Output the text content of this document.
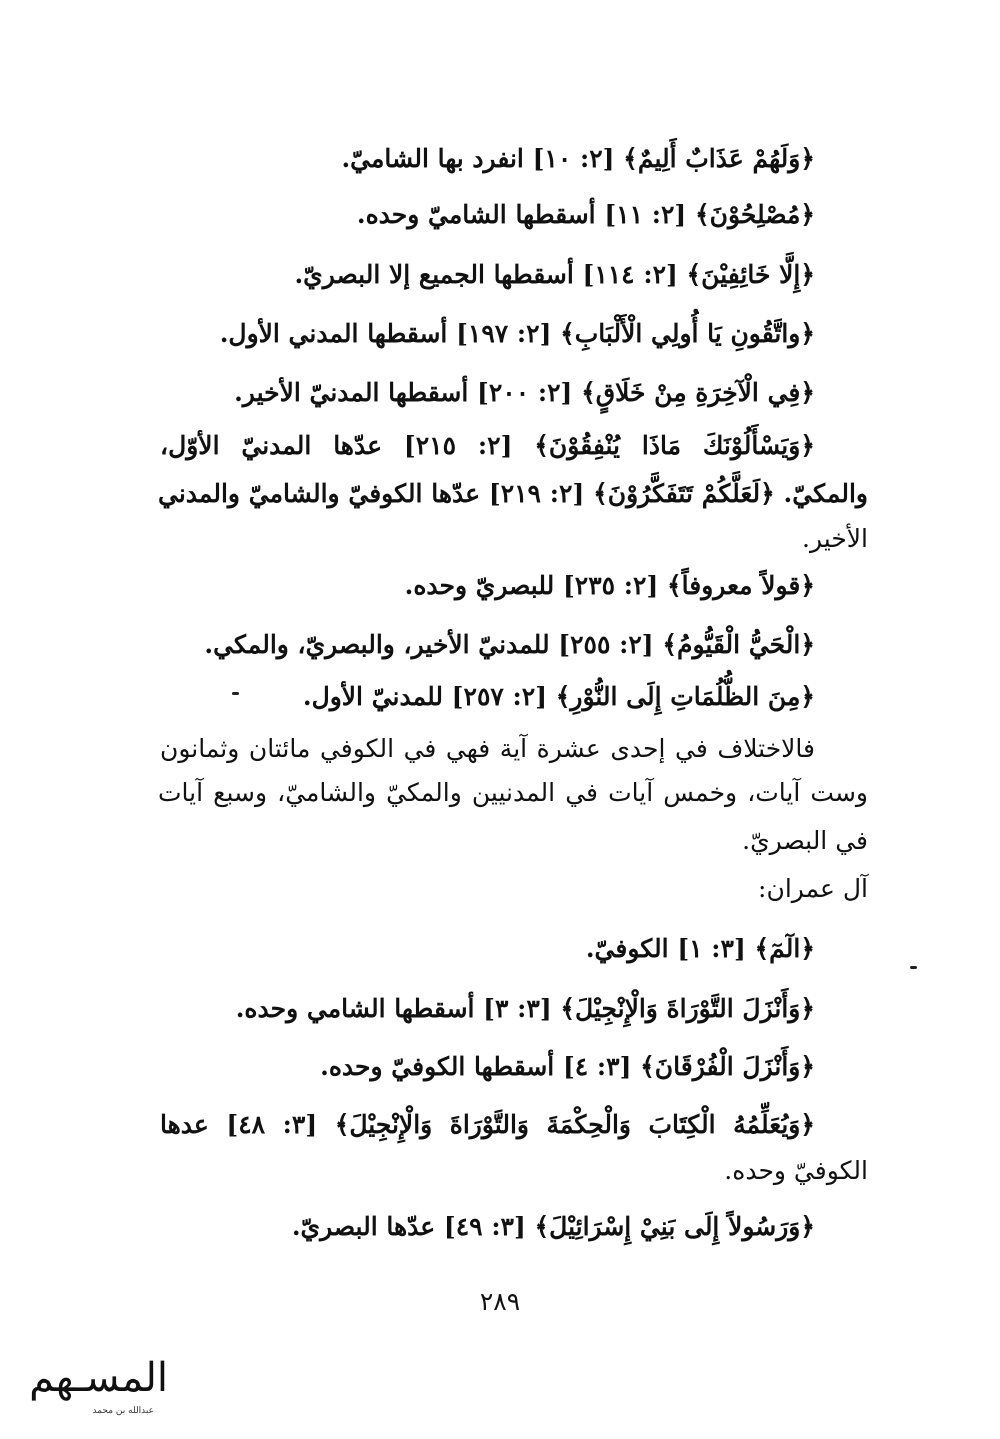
﴿وَلَهُمْ عَذَابٌ أَلِيمٌ﴾ [٢: ١٠] انفرد بها الشاميّ.
﴿مُصْلِحُوْنَ﴾ [٢: ١١] أسقطها الشاميّ وحده.
﴿إِلَّا خَائِفِيْنَ﴾ [٢: ١١٤] أسقطها الجميع إلا البصريّ.
﴿واتَّقُونِ يَا أُولِي الْأَلْبَابِ﴾ [٢: ١٩٧] أسقطها المدني الأول.
﴿فِي الْآخِرَةِ مِنْ خَلَاقٍ﴾ [٢: ٢٠٠] أسقطها المدنيّ الأخير.
﴿وَيَسْأَلُوْنَكَ مَاذَا يُنْفِقُوْنَ﴾ [٢: ٢١٥] عدّها المدنيّ الأوّل،
والمكيّ. ﴿لَعَلَّكُمْ تَتَفَكَّرُوْنَ﴾ [٢: ٢١٩] عدّها الكوفيّ والشاميّ والمدني
الأخير.
﴿قولاً معروفاً﴾ [٢: ٢٣٥] للبصريّ وحده.
﴿الْحَيُّ الْقَيُّومُ﴾ [٢: ٢٥٥] للمدنيّ الأخير، والبصريّ، والمكي.
﴿مِنَ الظُّلُمَاتِ إِلَى النُّوْرِ﴾ [٢: ٢٥٧] للمدنيّ الأول.
فالاختلاف في إحدى عشرة آية فهي في الكوفي مائتان وثمانون
وست آيات، وخمس آيات في المدنيين والمكيّ والشاميّ، وسبع آيات
في البصريّ.
آل عمران:
﴿الٓمٓ﴾ [٣: ١] الكوفيّ.
﴿وَأَنْزَلَ التَّوْرَاةَ وَالْإِنْجِيْلَ﴾ [٣: ٣] أسقطها الشامي وحده.
﴿وَأَنْزَلَ الْفُرْقَانَ﴾ [٣: ٤] أسقطها الكوفيّ وحده.
﴿وَيُعَلِّمُهُ الْكِتَابَ وَالْحِكْمَةَ وَالتَّوْرَاةَ وَالْإِنْجِيْلَ﴾ [٣: ٤٨] عدها
الكوفيّ وحده.
﴿وَرَسُولاً إِلَى بَنِيْ إِسْرَائِيْلَ﴾ [٣: ٤٩] عدّها البصريّ.
٢٨٩
المسـهم
عبدالله بن محمد
